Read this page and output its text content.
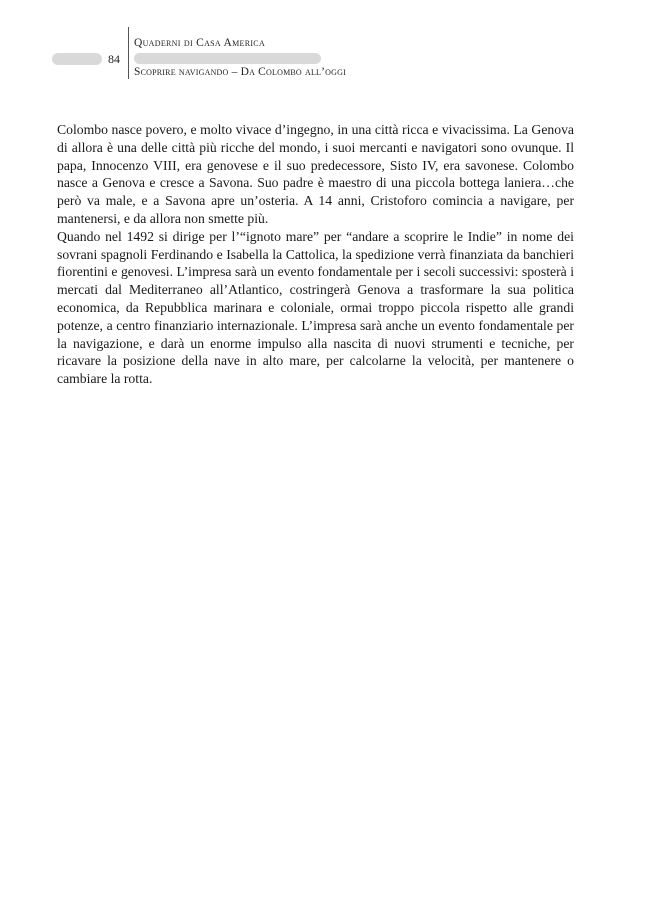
84
Quaderni di Casa America
Scoprire navigando – Da Colombo all’oggi

Colombo nasce povero, e molto vivace d’ingegno, in una città ricca e vivacissima. La Genova di allora è una delle città più ricche del mondo, i suoi mercanti e navigatori sono ovunque. Il papa, Innocenzo VIII, era genovese e il suo predecessore, Sisto IV, era savonese. Colombo nasce a Genova e cresce a Savona. Suo padre è maestro di una piccola bottega laniera…che però va male, e a Savona apre un’osteria. A 14 anni, Cristoforo comincia a navigare, per mantenersi, e da allora non smette più.

Quando nel 1492 si dirige per l’“ignoto mare” per “andare a scoprire le Indie” in nome dei sovrani spagnoli Ferdinando e Isabella la Cattolica, la spedizione verrà finanziata da banchieri fiorentini e genovesi. L’impresa sarà un evento fondamentale per i secoli successivi: sposterà i mercati dal Mediterraneo all’Atlantico, costringerà Genova a trasformare la sua politica economica, da Repubblica marinara e coloniale, ormai troppo piccola rispetto alle grandi potenze, a centro finanziario internazionale. L’impresa sarà anche un evento fondamentale per la navigazione, e darà un enorme impulso alla nascita di nuovi strumenti e tecniche, per ricavare la posizione della nave in alto mare, per calcolarne la velocità, per mantenere o cambiare la rotta.
